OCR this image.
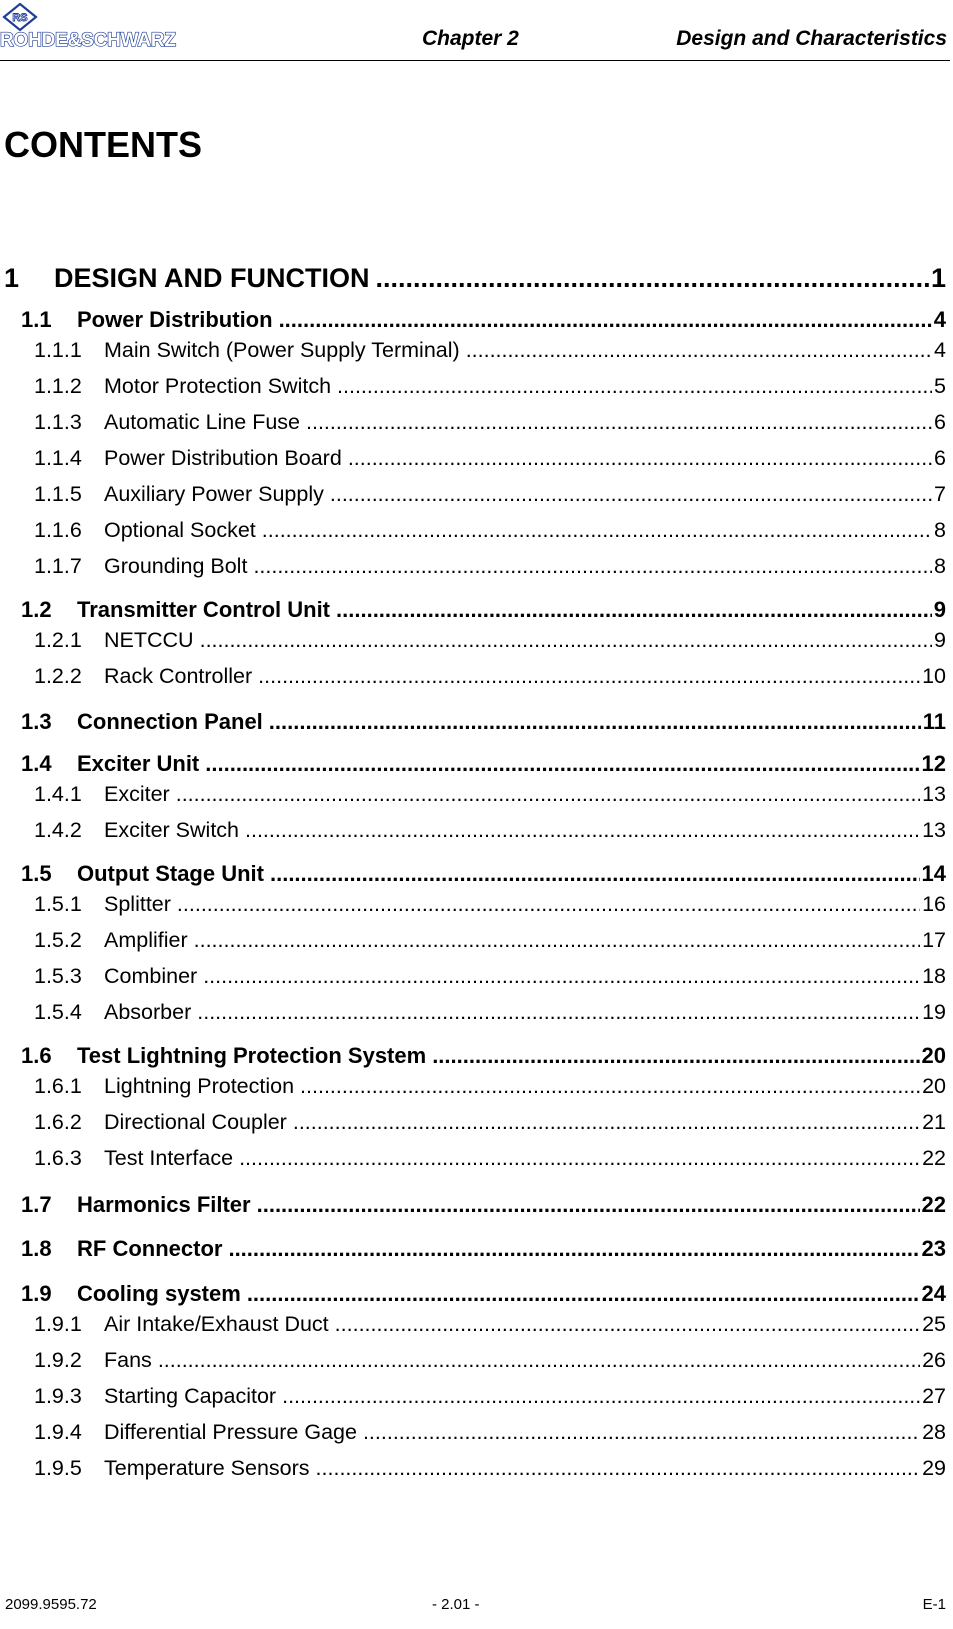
RS
ROHDE&SCHWARZ	Chapter 2	Design and Characteristics
CONTENTS
1	DESIGN AND FUNCTION .....	1
1.1	Power Distribution .....	4
1.1.1	Main Switch (Power Supply Terminal) .....	4
1.1.2	Motor Protection Switch .....	5
1.1.3	Automatic Line Fuse .....	6
1.1.4	Power Distribution Board .....	6
1.1.5	Auxiliary Power Supply .....	7
1.1.6	Optional Socket .....	8
1.1.7	Grounding Bolt .....	8
1.2	Transmitter Control Unit .....	9
1.2.1	NETCCU .....	9
1.2.2	Rack Controller .....	10
1.3	Connection Panel .....	11
1.4	Exciter Unit .....	12
1.4.1	Exciter .....	13
1.4.2	Exciter Switch .....	13
1.5	Output Stage Unit .....	14
1.5.1	Splitter .....	16
1.5.2	Amplifier .....	17
1.5.3	Combiner .....	18
1.5.4	Absorber .....	19
1.6	Test Lightning Protection System .....	20
1.6.1	Lightning Protection .....	20
1.6.2	Directional Coupler .....	21
1.6.3	Test Interface .....	22
1.7	Harmonics Filter .....	22
1.8	RF Connector .....	23
1.9	Cooling system .....	24
1.9.1	Air Intake/Exhaust Duct .....	25
1.9.2	Fans .....	26
1.9.3	Starting Capacitor .....	27
1.9.4	Differential Pressure Gage .....	28
1.9.5	Temperature Sensors .....	29
2099.9595.72	- 2.01 -	E-1
